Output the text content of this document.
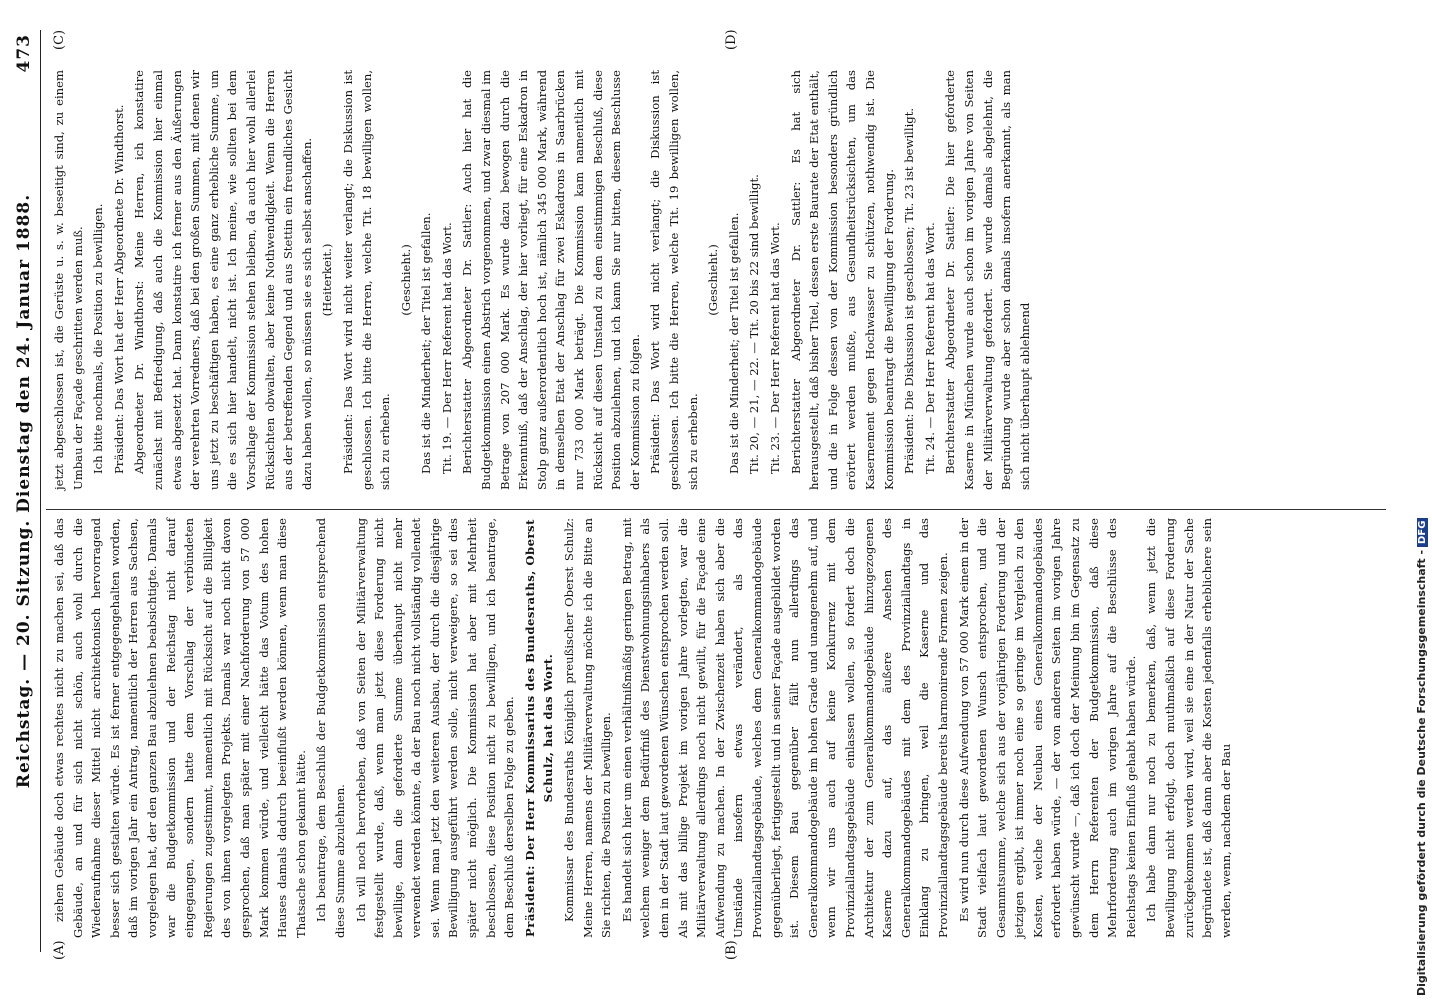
Reichstag. — 20. Sitzung. Dienstag den 24. Januar 1888.
473
(A)	(B)
(C)	(D)

ziehen Gebäude doch etwas rechtes nicht zu machen sei, daß das Gebäude, an und für sich nicht schön, auch wohl durch die Wiederaufnahme dieser Mittel nicht architektonisch hervorragend besser sich gestalten würde. Es ist ferner entgegengehalten worden, daß im vorigen Jahr ein Antrag, namentlich der Herren aus Sachsen, vorgelegen hat, der den ganzen Bau abzulehnen beabsichtigte. Damals war die Budgetkommission und der Reichstag nicht darauf eingegangen, sondern hatte dem Vorschlag der verbündeten Regierungen zugestimmt, namentlich mit Rücksicht auf die Billigkeit des von ihnen vorgelegten Projekts. Damals war noch nicht davon gesprochen, daß man später mit einer Nachforderung von 57 000 Mark kommen würde, und vielleicht hätte das Votum des hohen Hauses damals dadurch beeinflußt werden können, wenn man diese Thatsache schon gekannt hätte. Ich beantrage, dem Beschluß der Budgetkommission entsprechend diese Summe abzulehnen. Ich will noch hervorheben, daß von Seiten der Militärverwaltung festgestellt wurde, daß, wenn man jetzt diese Forderung nicht bewillige, dann die geforderte Summe überhaupt nicht mehr verwendet werden könnte, da der Bau noch nicht vollständig vollendet sei. Wenn man jetzt den weiteren Ausbau, der durch die diesjährige Bewilligung ausgeführt werden solle, nicht verweigere, so sei dies später nicht möglich. Die Kommission hat aber mit Mehrheit beschlossen, diese Position nicht zu bewilligen, und ich beantrage, dem Beschluß derselben Folge zu geben. Präsident: Der Herr Kommissarius des Bundesraths, Oberst Schulz, hat das Wort. Kommissar des Bundesraths Königlich preußischer Oberst Schulz: Meine Herren, namens der Militärverwaltung möchte ich die Bitte an Sie richten, die Position zu bewilligen. Es handelt sich hier um einen verhältnißmäßig geringen Betrag, mit welchem weniger dem Bedürfniß des Dienstwohnungsinhabers als dem in der Stadt laut gewordenen Wünschen entsprochen werden soll. Als mit das billige Projekt im vorigen Jahre vorlegten, war die Militärverwaltung allerdings noch nicht gewillt, für die Façade eine Aufwendung zu machen. In der Zwischenzeit haben sich aber die Umstände insofern etwas verändert, als das Provinziallandtagsgebäude, welches dem Generalkommandogebäude gegenüberliegt, fertiggestellt und in seiner Façade ausgebildet worden ist. Diesem Bau gegenüber fällt nun allerdings das Generalkommandogebäude im hohen Grade und unangenehm auf, und wenn wir uns auch auf keine Konkurrenz mit dem Provinziallandtagsgebäude einlassen wollen, so fordert doch die Architektur der zum Generalkommandogebäude hinzugezogenen Kaserne dazu auf, das äußere Ansehen des Generalkommandogebäudes mit dem des Provinziallandtags in Einklang zu bringen, weil die Kaserne und das Provinziallandtagsgebäude bereits harmonirende Formen zeigen. Es wird nun durch diese Aufwendung von 57 000 Mark einem in der Stadt vielfach laut gewordenen Wunsch entsprochen, und die Gesammtsumme, welche sich aus der vorjährigen Forderung und der jetzigen ergibt, ist immer noch eine so geringe im Vergleich zu den Kosten, welche der Neubau eines Generalkommandogebäudes erfordert haben würde, — der von anderen Seiten im vorigen Jahre gewünscht wurde —, daß ich doch der Meinung bin im Gegensatz zu dem Herrn Referenten der Budgetkommission, daß diese Mehrforderung auch im vorigen Jahre auf die Beschlüsse des Reichstags keinen Einfluß gehabt haben würde. Ich habe dann nur noch zu bemerken, daß, wenn jetzt die Bewilligung nicht erfolgt, doch muthmaßlich auf diese Forderung zurückgekommen werden wird, weil sie eine in der Natur der Sache begründete ist, daß dann aber die Kosten jedenfalls erheblichere sein werden, wenn, nachdem der Bau

jetzt abgeschlossen ist, die Gerüste u. s. w. beseitigt sind, zu einem Umbau der Façade geschritten werden muß. Ich bitte nochmals, die Position zu bewilligen. Präsident: Das Wort hat der Herr Abgeordnete Dr. Windthorst. Abgeordneter Dr. Windthorst: Meine Herren, ich konstatire zunächst mit Befriedigung, daß auch die Kommission hier einmal etwas abgesetzt hat. Dann konstatire ich ferner aus den Äußerungen der verehrten Vorredners, daß bei den großen Summen, mit denen wir uns jetzt zu beschäftigen haben, es eine ganz erhebliche Summe, um die es sich hier handelt, nicht ist. Ich meine, wie sollten bei dem Vorschlage der Kommission stehen bleiben, da auch hier wohl allerlei Rücksichten obwalten, aber keine Nothwendigkeit. Wenn die Herren aus der betreffenden Gegend und aus Stettin ein freundliches Gesicht dazu haben wollen, so müssen sie es sich selbst anschaffen. (Heiterkeit.) Präsident: Das Wort wird nicht weiter verlangt; die Diskussion ist geschlossen. Ich bitte die Herren, welche Tit. 18 bewilligen wollen, sich zu erheben.

(Geschieht.) Das ist die Minderheit; der Titel ist gefallen. Tit. 19. — Der Herr Referent hat das Wort. Berichterstatter Abgeordneter Dr. Sattler: Auch hier hat die Budgetkommission einen Abstrich vorgenommen, und zwar diesmal im Betrage von 207 000 Mark. Es wurde dazu bewogen durch die Erkenntniß, daß der Anschlag, der hier vorliegt, für eine Eskadron in Stolp ganz außerordentlich hoch ist, nämlich 345 000 Mark, während in demselben Etat der Anschlag für zwei Eskadrons in Saarbrücken nur 733 000 Mark beträgt. Die Kommission kam namentlich mit Rücksicht auf diesen Umstand zu dem einstimmigen Beschluß, diese Position abzulehnen, und ich kann Sie nur bitten, diesem Beschlusse der Kommission zu folgen. Präsident: Das Wort wird nicht verlangt; die Diskussion ist geschlossen. Ich bitte die Herren, welche Tit. 19 bewilligen wollen, sich zu erheben.

(Geschieht.) Das ist die Minderheit; der Titel ist gefallen. Tit. 20, — 21, — 22. — Tit. 20 bis 22 sind bewilligt. Tit. 23. — Der Herr Referent hat das Wort. Berichterstatter Abgeordneter Dr. Sattler: Es hat sich herausgestellt, daß bisher Titel, dessen erste Baurate der Etat enthält, und die in Folge dessen von der Kommission besonders gründlich erörtert werden mußte, aus Gesundheitsrücksichten, um das Kasernement gegen Hochwasser zu schützen, nothwendig ist. Die Kommission beantragt die Bewilligung der Forderung. Präsident: Die Diskussion ist geschlossen; Tit. 23 ist bewilligt. Tit. 24. — Der Herr Referent hat das Wort. Berichterstatter Abgeordneter Dr. Sattler: Die hier geforderte Kaserne in München wurde auch schon im vorigen Jahre von Seiten der Militärverwaltung gefordert. Sie wurde damals abgelehnt, die Begründung wurde aber schon damals insofern anerkannt, als man sich nicht überhaupt ablehnend

Digitalisierung gefördert durch die Deutsche Forschungsgemeinschaft -DFG
